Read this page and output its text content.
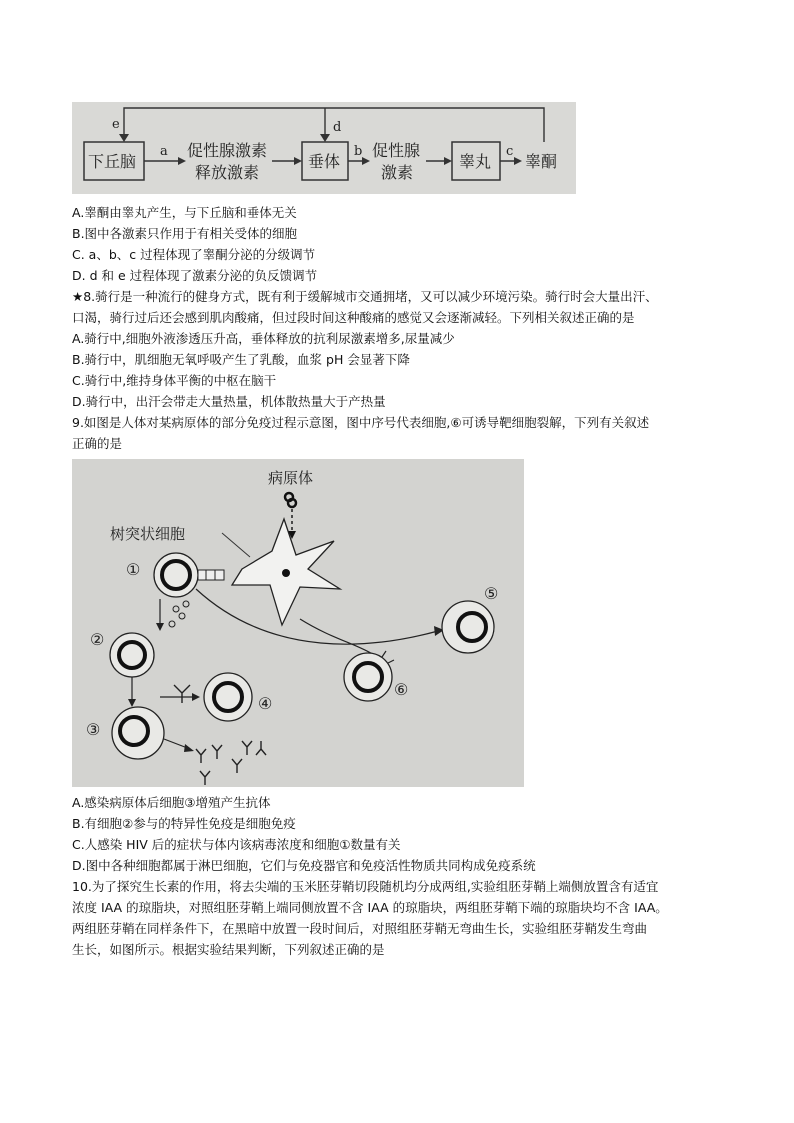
e	d
下丘脑
a 促性腺激素
释放激素
垂体
b 促性腺
激素
睾丸
c
睾酮
A.睾酮由睾丸产生，与下丘脑和垂体无关
B.图中各激素只作用于有相关受体的细胞
C. a、b、c 过程体现了睾酮分泌的分级调节
D. d 和 e 过程体现了激素分泌的负反馈调节
★8.骑行是一种流行的健身方式，既有利于缓解城市交通拥堵，又可以减少环境污染。骑行时会大量出汗、
口渴，骑行过后还会感到肌肉酸痛，但过段时间这种酸痛的感觉又会逐渐减轻。下列相关叙述正确的是
A.骑行中,细胞外液渗透压升高，垂体释放的抗利尿激素增多,尿量减少
B.骑行中，肌细胞无氧呼吸产生了乳酸，血浆 pH 会显著下降
C.骑行中,维持身体平衡的中枢在脑干
D.骑行中，出汗会带走大量热量，机体散热量大于产热量
9.如图是人体对某病原体的部分免疫过程示意图，图中序号代表细胞,⑥可诱导靶细胞裂解，下列有关叙述
正确的是
病原体
树突状细胞
①
②
④
③
⑤
⑥
A.感染病原体后细胞③增殖产生抗体
B.有细胞②参与的特异性免疫是细胞免疫
C.人感染 HIV 后的症状与体内该病毒浓度和细胞①数量有关
D.图中各种细胞都属于淋巴细胞，它们与免疫器官和免疫活性物质共同构成免疫系统
10.为了探究生长素的作用，将去尖端的玉米胚芽鞘切段随机均分成两组,实验组胚芽鞘上端侧放置含有适宜
浓度 IAA 的琼脂块，对照组胚芽鞘上端同侧放置不含 IAA 的琼脂块，两组胚芽鞘下端的琼脂块均不含 IAA。
两组胚芽鞘在同样条件下，在黑暗中放置一段时间后，对照组胚芽鞘无弯曲生长，实验组胚芽鞘发生弯曲
生长，如图所示。根据实验结果判断，下列叙述正确的是
